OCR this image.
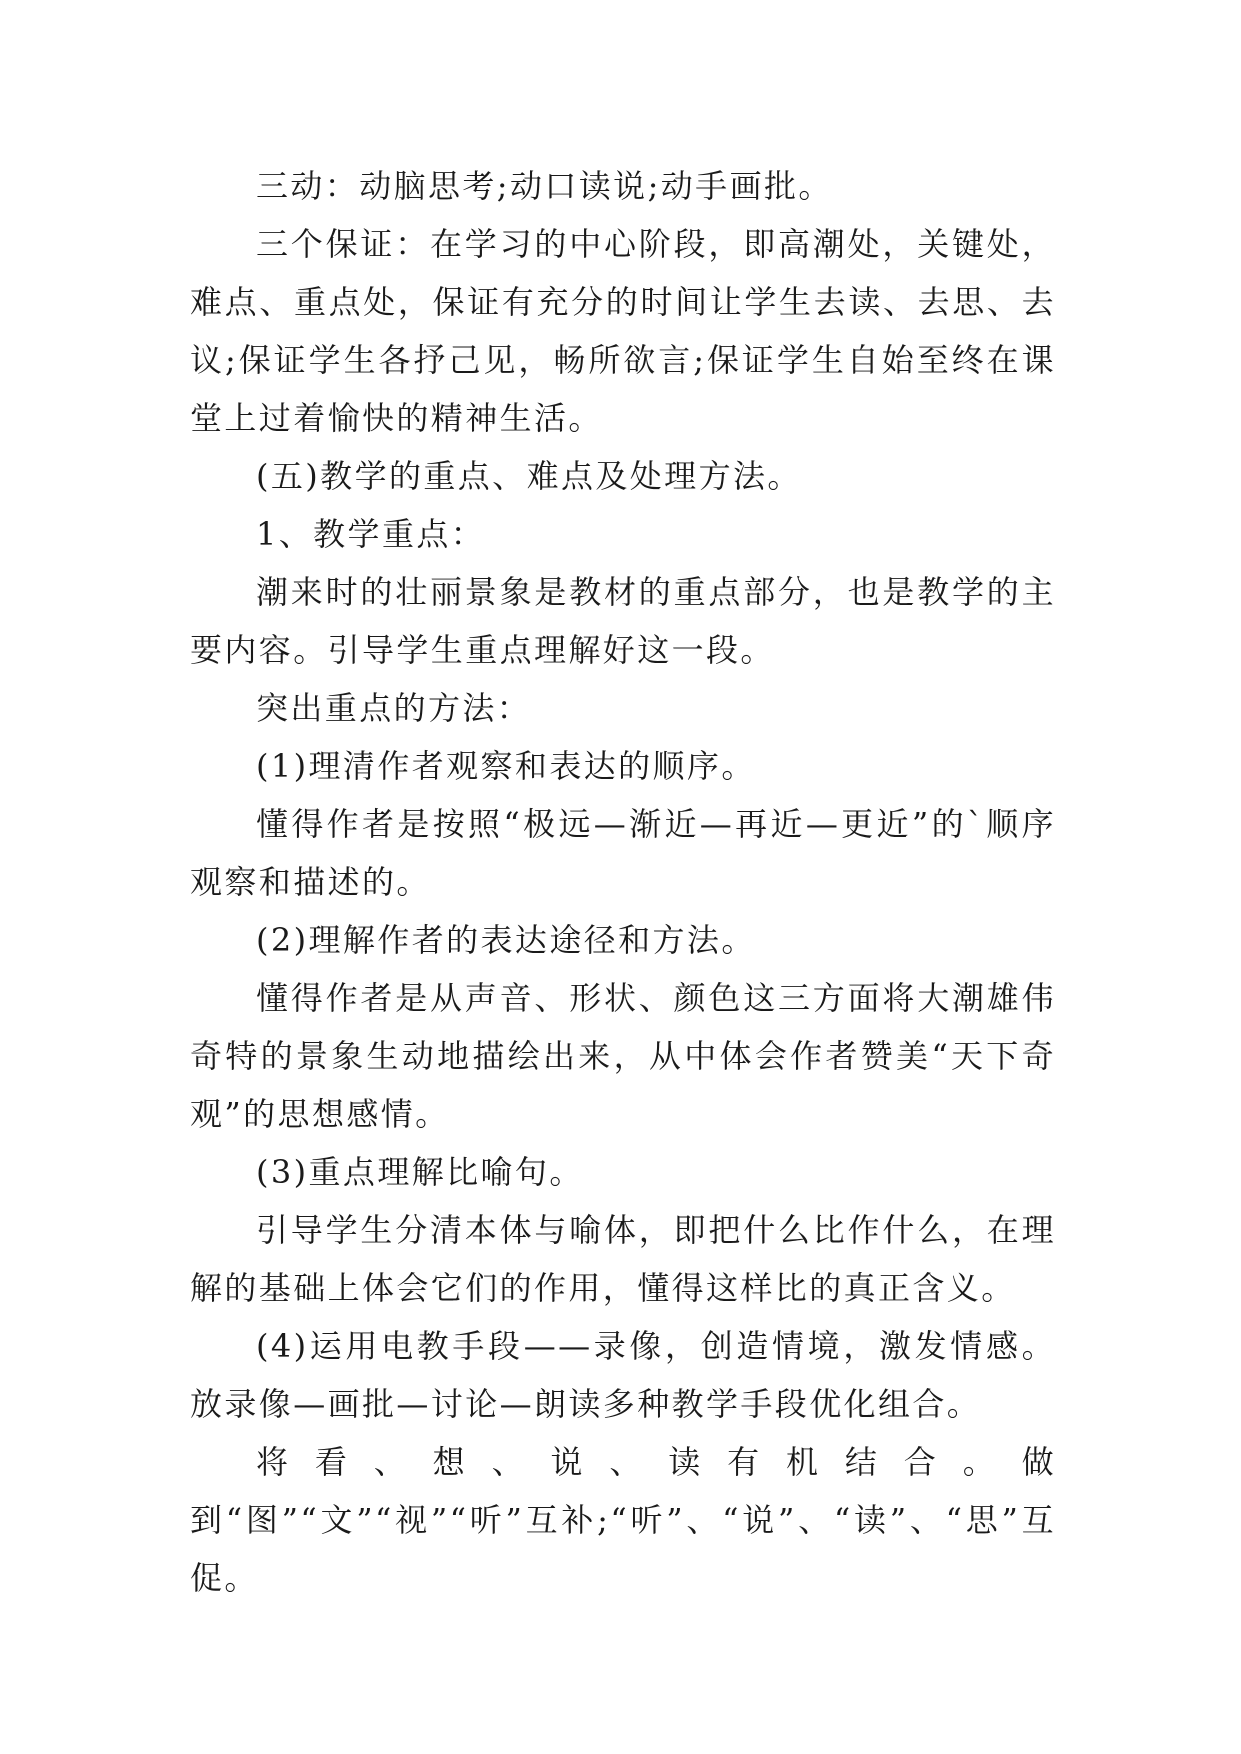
三动：动脑思考;动口读说;动手画批。

三个保证：在学习的中心阶段，即高潮处，关键处，难点、重点处，保证有充分的时间让学生去读、去思、去议;保证学生各抒己见，畅所欲言;保证学生自始至终在课堂上过着愉快的精神生活。

(五)教学的重点、难点及处理方法。

1、教学重点：

潮来时的壮丽景象是教材的重点部分，也是教学的主要内容。引导学生重点理解好这一段。

突出重点的方法：

(1)理清作者观察和表达的顺序。

懂得作者是按照“极远—渐近—再近—更近”的`顺序观察和描述的。

(2)理解作者的表达途径和方法。

懂得作者是从声音、形状、颜色这三方面将大潮雄伟奇特的景象生动地描绘出来，从中体会作者赞美“天下奇观”的思想感情。

(3)重点理解比喻句。

引导学生分清本体与喻体，即把什么比作什么，在理解的基础上体会它们的作用，懂得这样比的真正含义。

(4)运用电教手段——录像，创造情境，激发情感。放录像—画批—讨论—朗读多种教学手段优化组合。

将看、想、说、读有机结合。做到“图”“文”“视”“听”互补;“听”、“说”、“读”、“思”互促。
